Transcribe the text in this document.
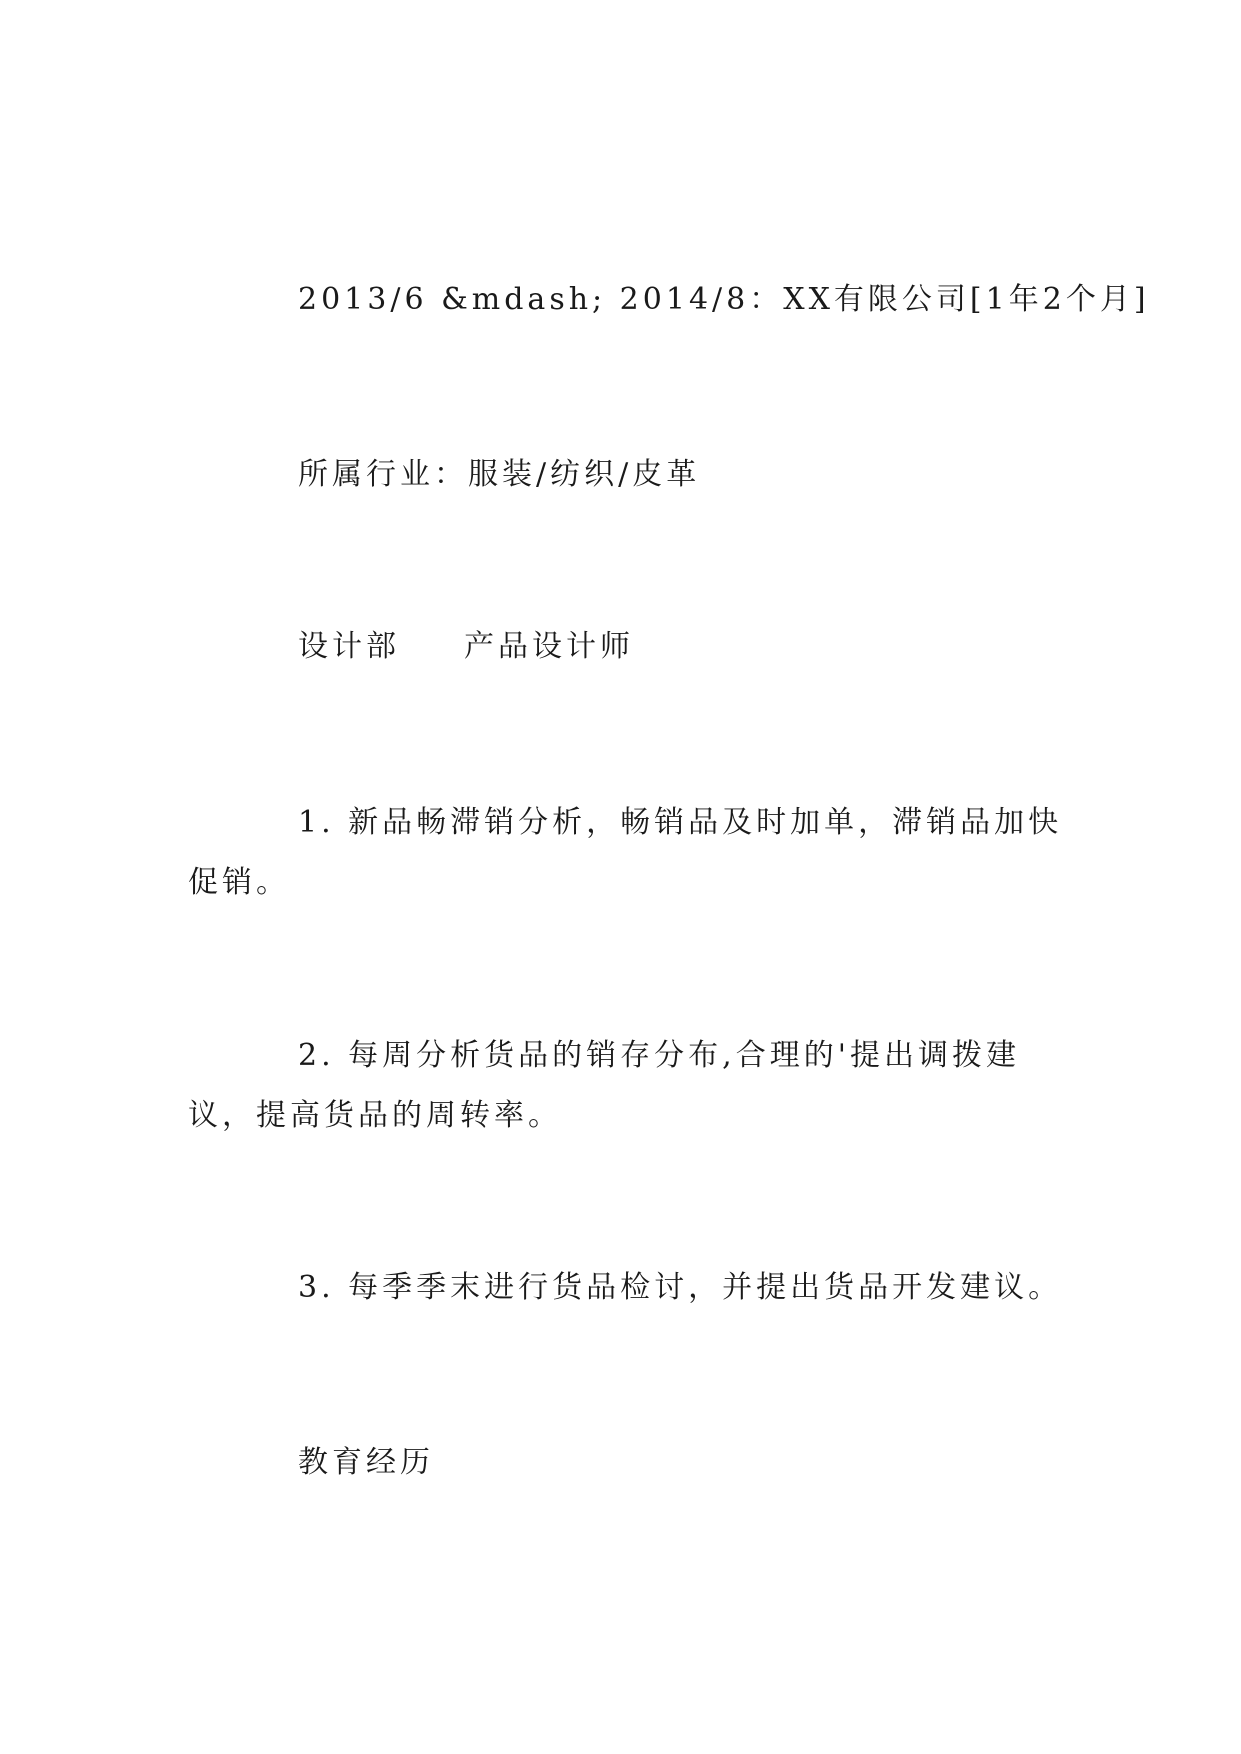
2013/6 &mdash; 2014/8：XX有限公司[1年2个月]
所属行业：服装/纺织/皮革
设计部 产品设计师
1. 新品畅滞销分析，畅销品及时加单，滞销品加快促销。
2. 每周分析货品的销存分布,合理的'提出调拨建议，提高货品的周转率。
3. 每季季末进行货品检讨，并提出货品开发建议。
教育经历
